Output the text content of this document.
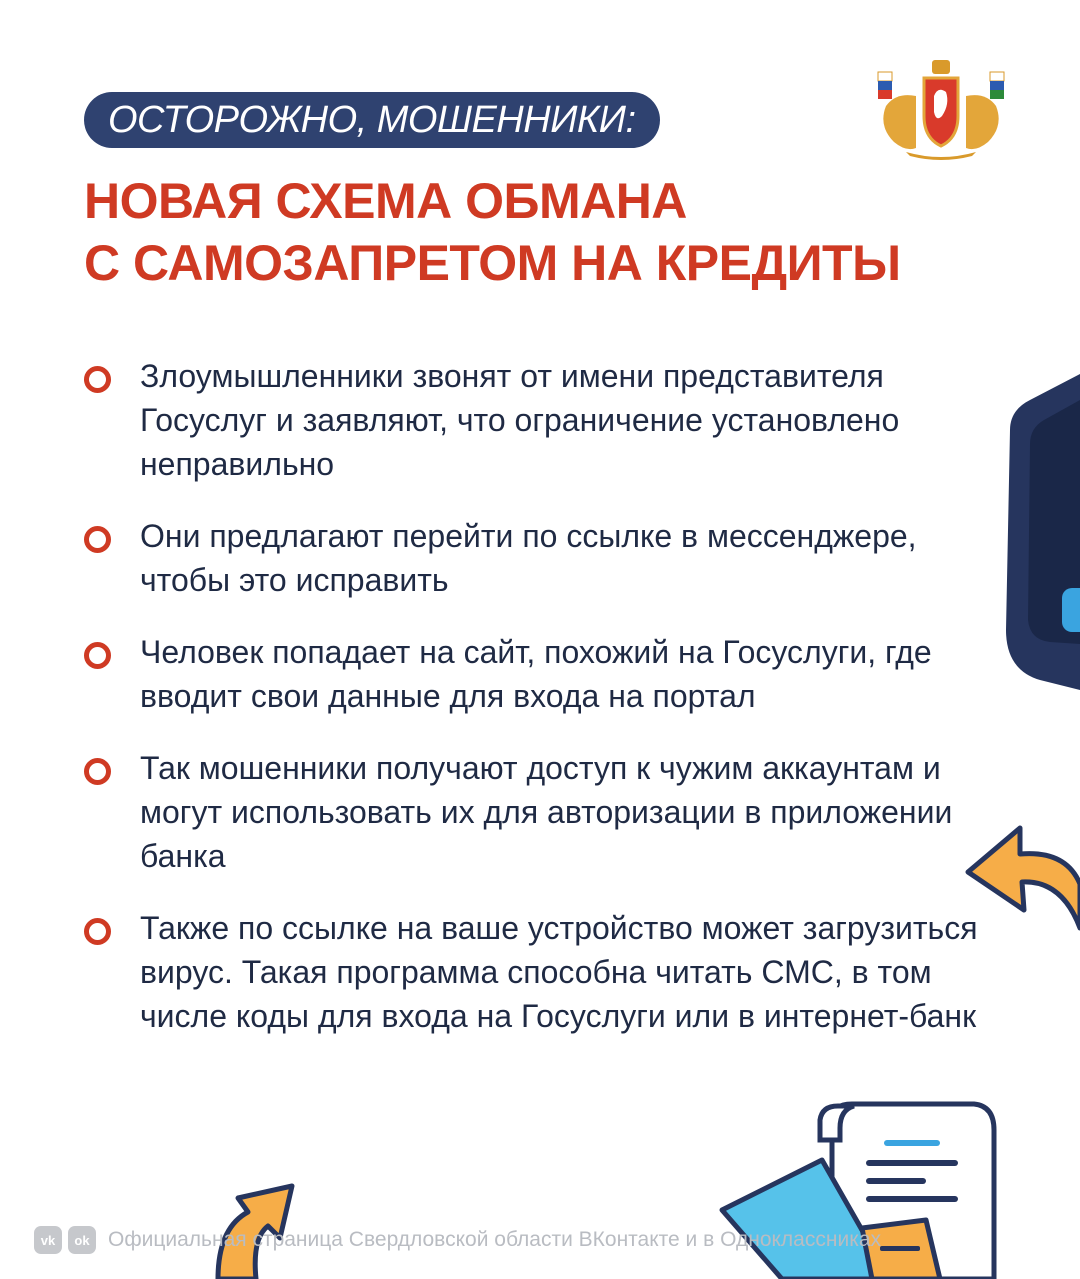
ОСТОРОЖНО, МОШЕННИКИ:
НОВАЯ СХЕМА ОБМАНА
С САМОЗАПРЕТОМ НА КРЕДИТЫ
Злоумышленники звонят от имени представителя Госуслуг и заявляют, что ограничение установлено неправильно
Они предлагают перейти по ссылке в мессенджере, чтобы это исправить
Человек попадает на сайт, похожий на Госуслуги, где вводит свои данные для входа на портал
Так мошенники получают доступ к чужим аккаунтам и могут использовать их для авторизации в приложении банка
Также по ссылке на ваше устройство может загрузиться вирус. Такая программа способна читать СМС, в том числе коды для входа на Госуслуги или в интернет-банк
vk	ok Официальная страница Свердловской области ВКонтакте и в Одноклассниках
